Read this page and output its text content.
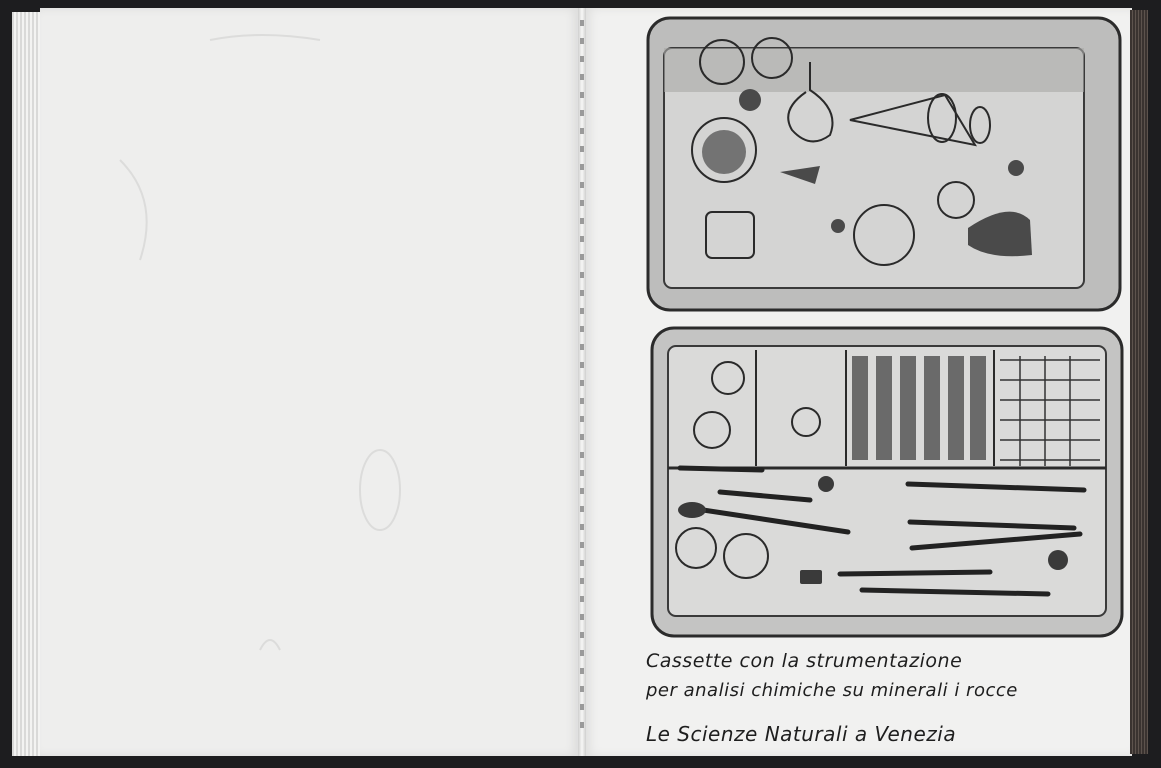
Cassette con la strumentazione
per analisi chimiche su minerali i rocce
Le Scienze Naturali a Venezia
